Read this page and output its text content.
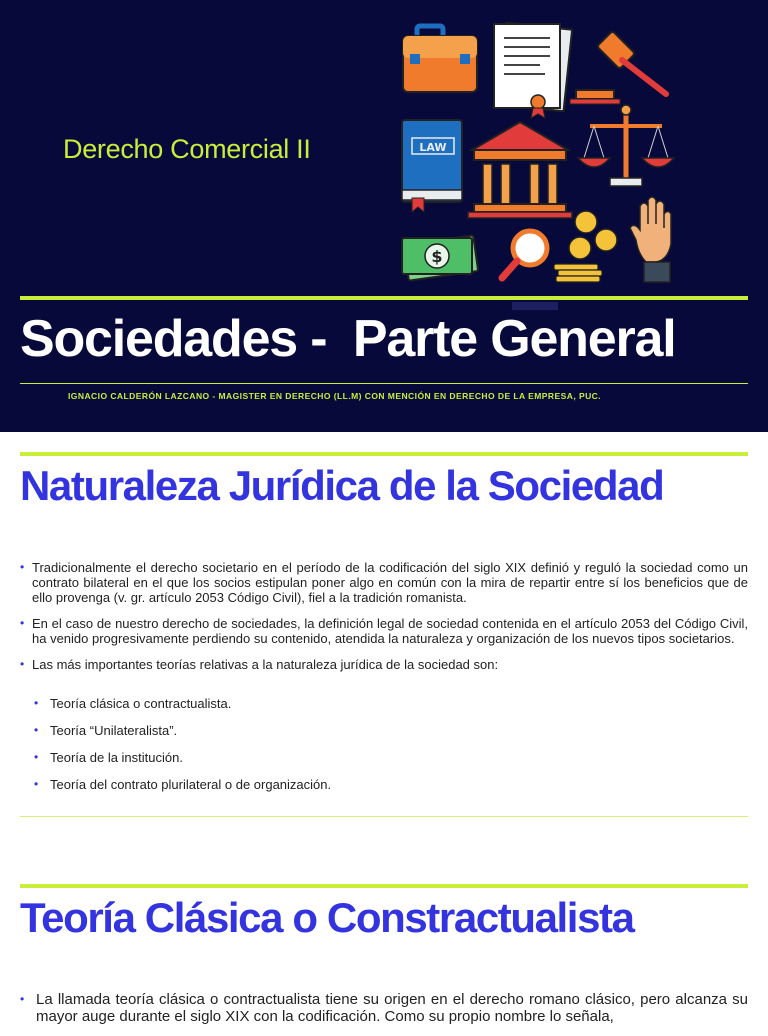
Derecho Comercial II	LAW
$
Sociedades -  Parte General
IGNACIO CALDERÓN LAZCANO - MAGISTER EN DERECHO (LL.M) CON MENCIÓN EN DERECHO DE LA EMPRESA, PUC.
Naturaleza Jurídica de la Sociedad
• Tradicionalmente el derecho societario en el período de la codificación del siglo XIX definió y reguló la sociedad como un contrato bilateral en el que los socios estipulan poner algo en común con la mira de repartir entre sí los beneficios que de ello provenga (v. gr. artículo 2053 Código Civil), fiel a la tradición romanista.
• En el caso de nuestro derecho de sociedades, la definición legal de sociedad contenida en el artículo 2053 del Código Civil, ha venido progresivamente perdiendo su contenido, atendida la naturaleza y organización de los nuevos tipos societarios.
• Las más importantes teorías relativas a la naturaleza jurídica de la sociedad son:
• Teoría clásica o contractualista.
• Teoría “Unilateralista”.
• Teoría de la institución.
• Teoría del contrato plurilateral o de organización.
Teoría Clásica o Constractualista
• La llamada teoría clásica o contractualista tiene su origen en el derecho romano clásico, pero alcanza su mayor auge durante el siglo XIX con la codificación. Como su propio nombre lo señala,
